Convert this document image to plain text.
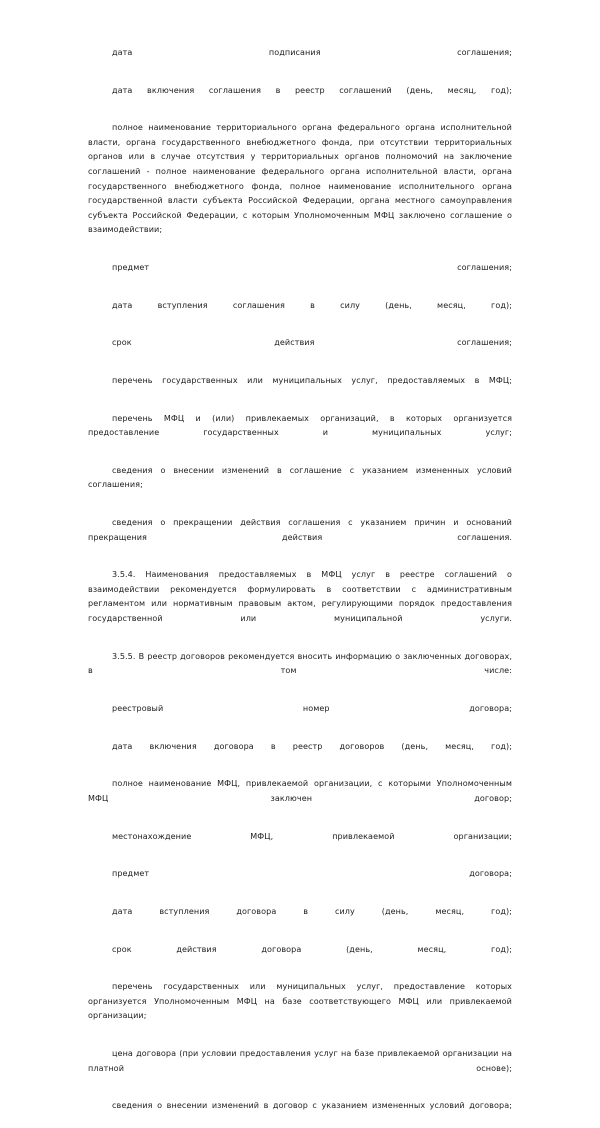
дата подписания соглашения;

дата включения соглашения в реестр соглашений (день, месяц, год);

полное наименование территориального органа федерального органа исполнительной власти, органа государственного внебюджетного фонда, при отсутствии территориальных органов или в случае отсутствия у территориальных органов полномочий на заключение соглашений - полное наименование федерального органа исполнительной власти, органа государственного внебюджетного фонда, полное наименование исполнительного органа государственной власти субъекта Российской Федерации, органа местного самоуправления субъекта Российской Федерации, с которым Уполномоченным МФЦ заключено соглашение о взаимодействии;

предмет соглашения;

дата вступления соглашения в силу (день, месяц, год);

срок действия соглашения;

перечень государственных или муниципальных услуг, предоставляемых в МФЦ;

перечень МФЦ и (или) привлекаемых организаций, в которых организуется предоставление государственных и муниципальных услуг;

сведения о внесении изменений в соглашение с указанием измененных условий соглашения;

сведения о прекращении действия соглашения с указанием причин и оснований прекращения действия соглашения.

3.5.4. Наименования предоставляемых в МФЦ услуг в реестре соглашений о взаимодействии рекомендуется формулировать в соответствии с административным регламентом или нормативным правовым актом, регулирующими порядок предоставления государственной или муниципальной услуги.

3.5.5. В реестр договоров рекомендуется вносить информацию о заключенных договорах, в том числе:

реестровый номер договора;

дата включения договора в реестр договоров (день, месяц, год);

полное наименование МФЦ, привлекаемой организации, с которыми Уполномоченным МФЦ заключен договор;

местонахождение МФЦ, привлекаемой организации;

предмет договора;

дата вступления договора в силу (день, месяц, год);

срок действия договора (день, месяц, год);

перечень государственных или муниципальных услуг, предоставление которых организуется Уполномоченным МФЦ на базе соответствующего МФЦ или привлекаемой организации;

цена договора (при условии предоставления услуг на базе привлекаемой организации на платной основе);

сведения о внесении изменений в договор с указанием измененных условий договора;
